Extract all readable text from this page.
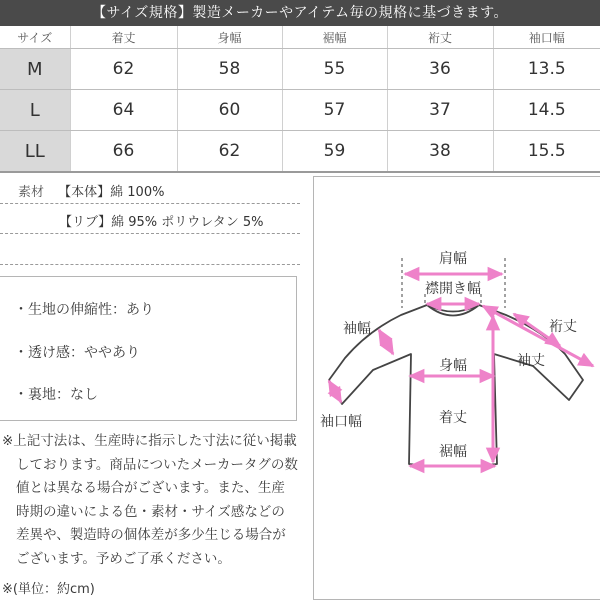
【サイズ規格】製造メーカーやアイテム毎の規格に基づきます。
サイズ	着丈	身幅	裾幅	裄丈	袖口幅
M	62	58	55	36	13.5
L	64	60	57	37	14.5
LL	66	62	59	38	15.5
素材 【本体】綿 100%
【リブ】綿 95% ポリウレタン 5%
・生地の伸縮性：あり
・透け感：ややあり
・裏地：なし

※上記寸法は、生産時に指示した寸法に従い掲載しております。商品についたメーカータグの数値とは異なる場合がございます。また、生産時期の違いによる色・素材・サイズ感などの差異や、製造時の個体差が多少生じる場合がございます。予めご了承ください。

※(単位：約cm)
肩幅
襟開き幅
袖幅	裄丈
袖丈
身幅
袖口幅	着丈
裾幅
